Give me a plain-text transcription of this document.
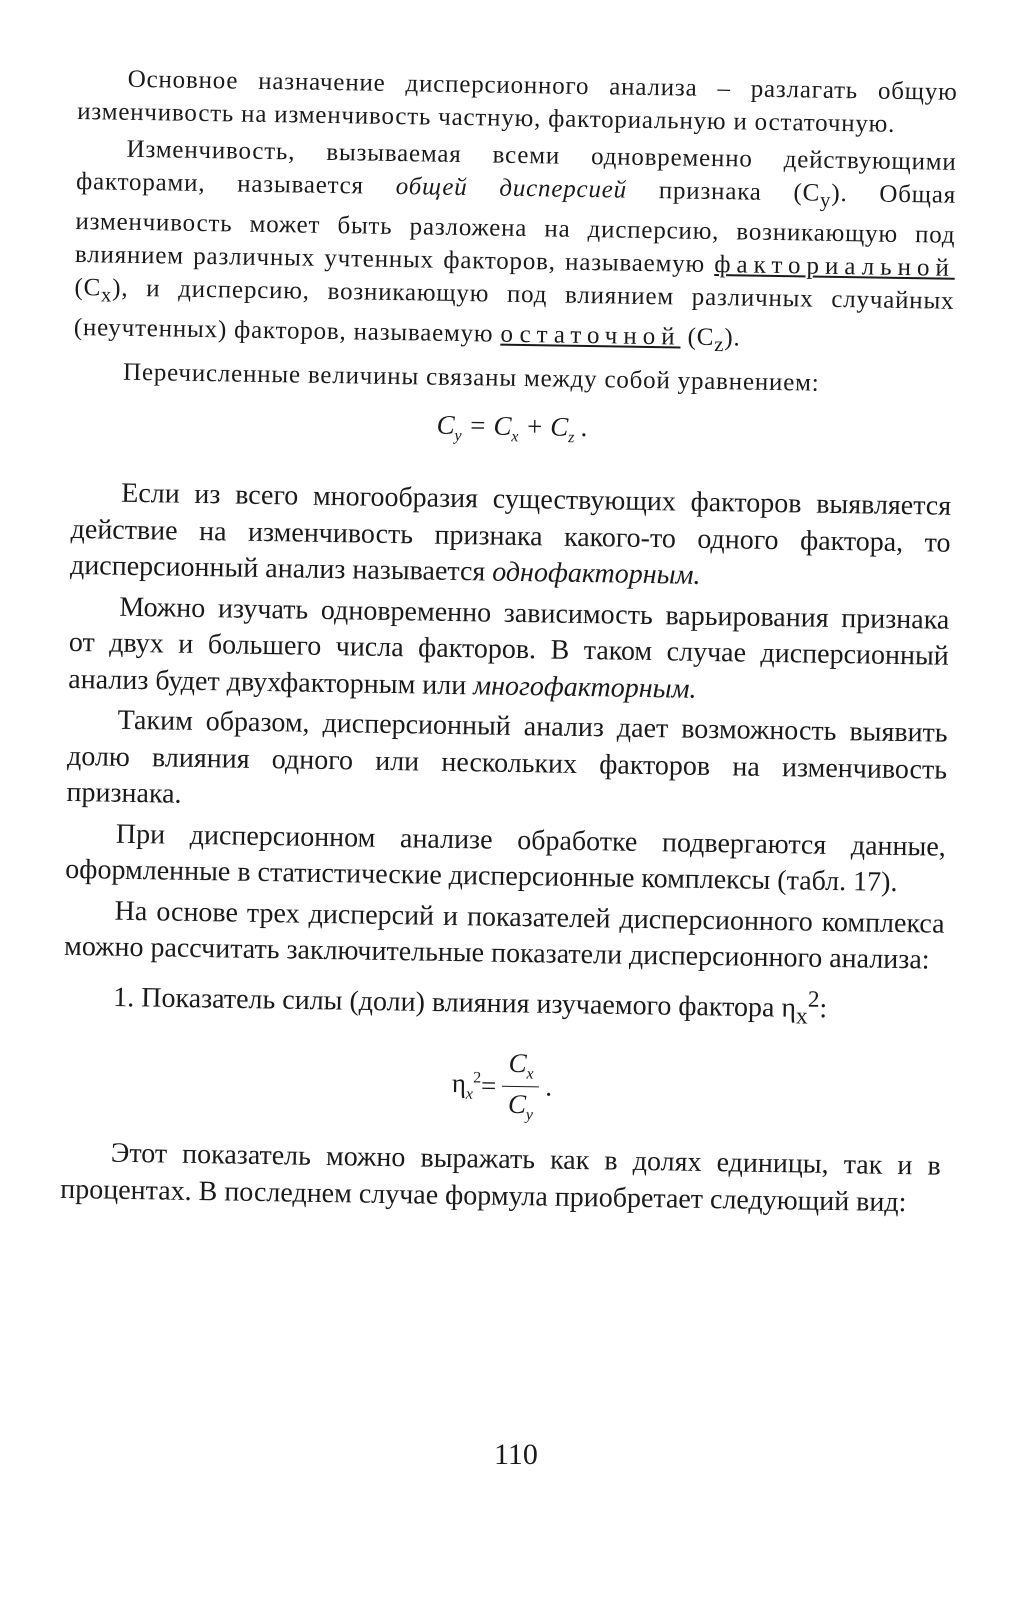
Основное назначение дисперсионного анализа – разлагать общую изменчивость на изменчивость частную, факториальную и остаточную.

Изменчивость, вызываемая всеми одновременно действующими факторами, называется общей дисперсией признака $(C_y)$. Общая изменчивость может быть разложена на дисперсию, возникающую под влиянием различных учтенных факторов, называемую факториальной $(C_x)$, и дисперсию, возникающую под влиянием различных случайных (неучтенных) факторов, называемую остаточной $(C_z)$.

Перечисленные величины связаны между собой уравнением:

$C_y = C_x + C_z$ .

Если из всего многообразия существующих факторов выявляется действие на изменчивость признака какого-то одного фактора, то дисперсионный анализ называется однофакторным.

Можно изучать одновременно зависимость варьирования признака от двух и большего числа факторов. В таком случае дисперсионный анализ будет двухфакторным или многофакторным.

Таким образом, дисперсионный анализ дает возможность выявить долю влияния одного или нескольких факторов на изменчивость признака.

При дисперсионном анализе обработке подвергаются данные, оформленные в статистические дисперсионные комплексы (табл. 17).

На основе трех дисперсий и показателей дисперсионного комплекса можно рассчитать заключительные показатели дисперсионного анализа:

1. Показатель силы (доли) влияния изучаемого фактора $\eta_x^2$:

$\eta_x^2 = \frac{C_x}{C_y}$ .

Этот показатель можно выражать как в долях единицы, так и в процентах. В последнем случае формула приобретает следующий вид:

110
